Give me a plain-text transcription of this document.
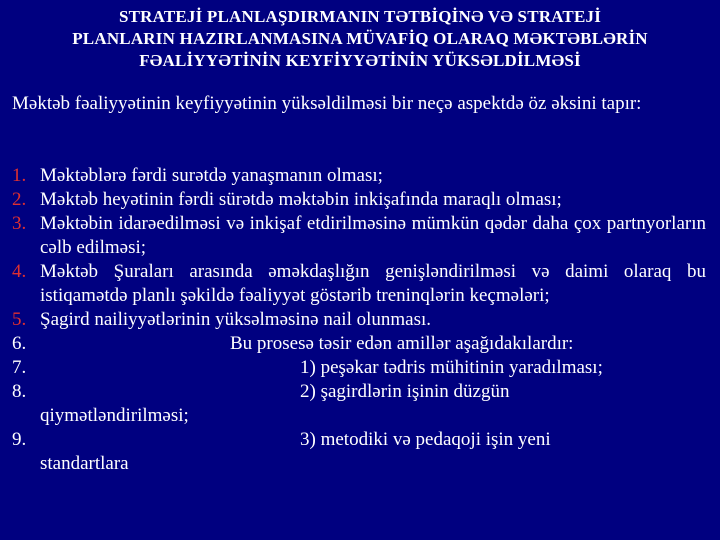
STRATEJİ PLANLAŞDIRMANIN TƏTBİQİNƏ VƏ STRATEJİ
PLANLARIN HAZIRLANMASINA MÜVAFİQ OLARAQ MƏKTƏBLƏRİN
FƏALİYYƏTİNİN KEYFİYYƏTİNİN YÜKSƏLDİLMƏSİ

Məktəb fəaliyyətinin keyfiyyətinin yüksəldilməsi bir neçə aspektdə öz əksini tapır:

1. Məktəblərə fərdi surətdə yanaşmanın olması;
2. Məktəb heyətinin fərdi sürətdə məktəbin inkişafında maraqlı olması;
3. Məktəbin idarəedilməsi və inkişaf etdirilməsinə mümkün qədər daha çox partnyorların cəlb edilməsi;
4. Məktəb Şuraları arasında əməkdaşlığın genişləndirilməsi və daimi olaraq bu istiqamətdə planlı şəkildə fəaliyyət göstərib treninqlərin keçmələri;
5. Şagird nailiyyətlərinin yüksəlməsinə nail olunması.
6.	Bu prosesə təsir edən amillər aşağıdakılardır:
7.	1) peşəkar tədris mühitinin yaradılması;
8.	2) şagirdlərin işinin düzgün
qiymətləndirilməsi;
9.	3) metodiki və pedaqoji işin yeni
standartlara
